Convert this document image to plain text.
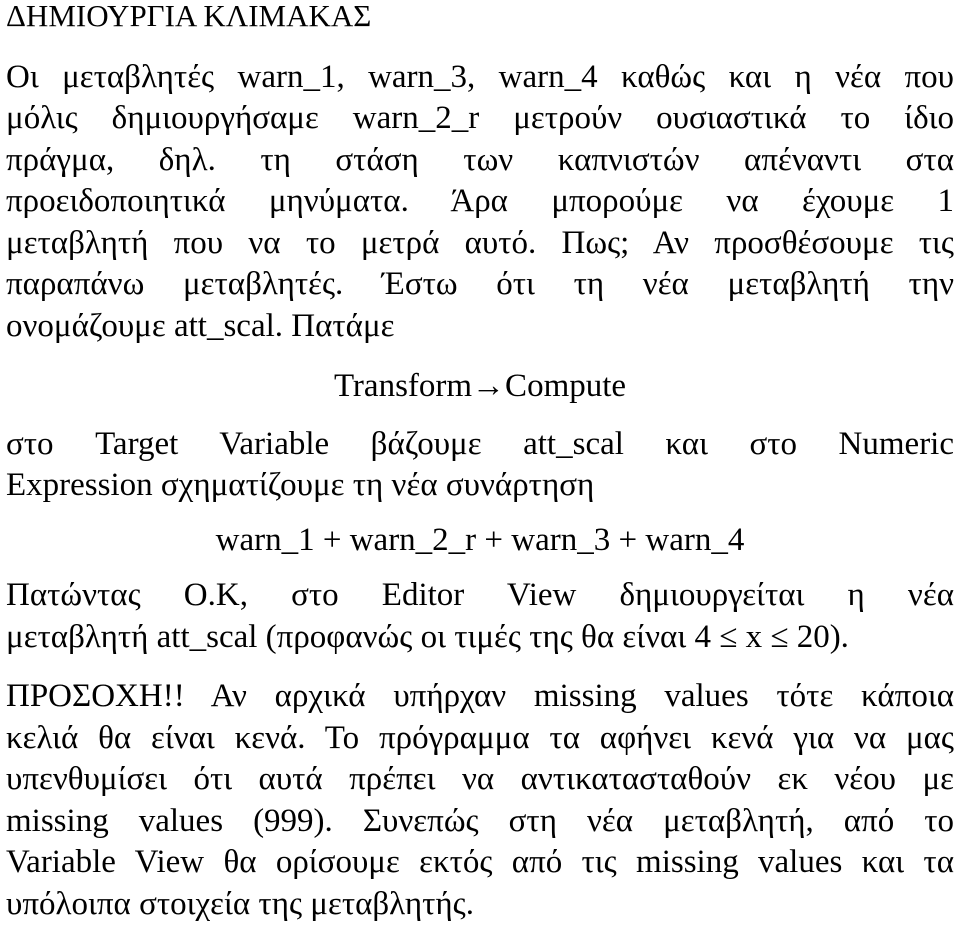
ΔΗΜΙΟΥΡΓΙΑ ΚΛΙΜΑΚΑΣ
Οι μεταβλητές warn_1, warn_3, warn_4 καθώς και η νέα που
μόλις δημιουργήσαμε warn_2_r μετρούν ουσιαστικά το ίδιο
πράγμα, δηλ. τη στάση των καπνιστών απέναντι στα
προειδοποιητικά μηνύματα. Άρα μπορούμε να έχουμε 1
μεταβλητή που να το μετρά αυτό. Πως; Αν προσθέσουμε τις
παραπάνω μεταβλητές. Έστω ότι τη νέα μεταβλητή την
ονομάζουμε att_scal. Πατάμε
Transform→Compute
στο Target Variable βάζουμε att_scal και στο Numeric
Expression σχηματίζουμε τη νέα συνάρτηση
warn_1 + warn_2_r + warn_3 + warn_4
Πατώντας Ο.Κ, στο Editor View δημιουργείται η νέα
μεταβλητή att_scal (προφανώς οι τιμές της θα είναι 4 ≤ x ≤ 20).
ΠΡΟΣΟΧΗ!! Αν αρχικά υπήρχαν missing values τότε κάποια
κελιά θα είναι κενά. Το πρόγραμμα τα αφήνει κενά για να μας
υπενθυμίσει ότι αυτά πρέπει να αντικατασταθούν εκ νέου με
missing values (999). Συνεπώς στη νέα μεταβλητή, από το
Variable View θα ορίσουμε εκτός από τις missing values και τα
υπόλοιπα στοιχεία της μεταβλητής.
